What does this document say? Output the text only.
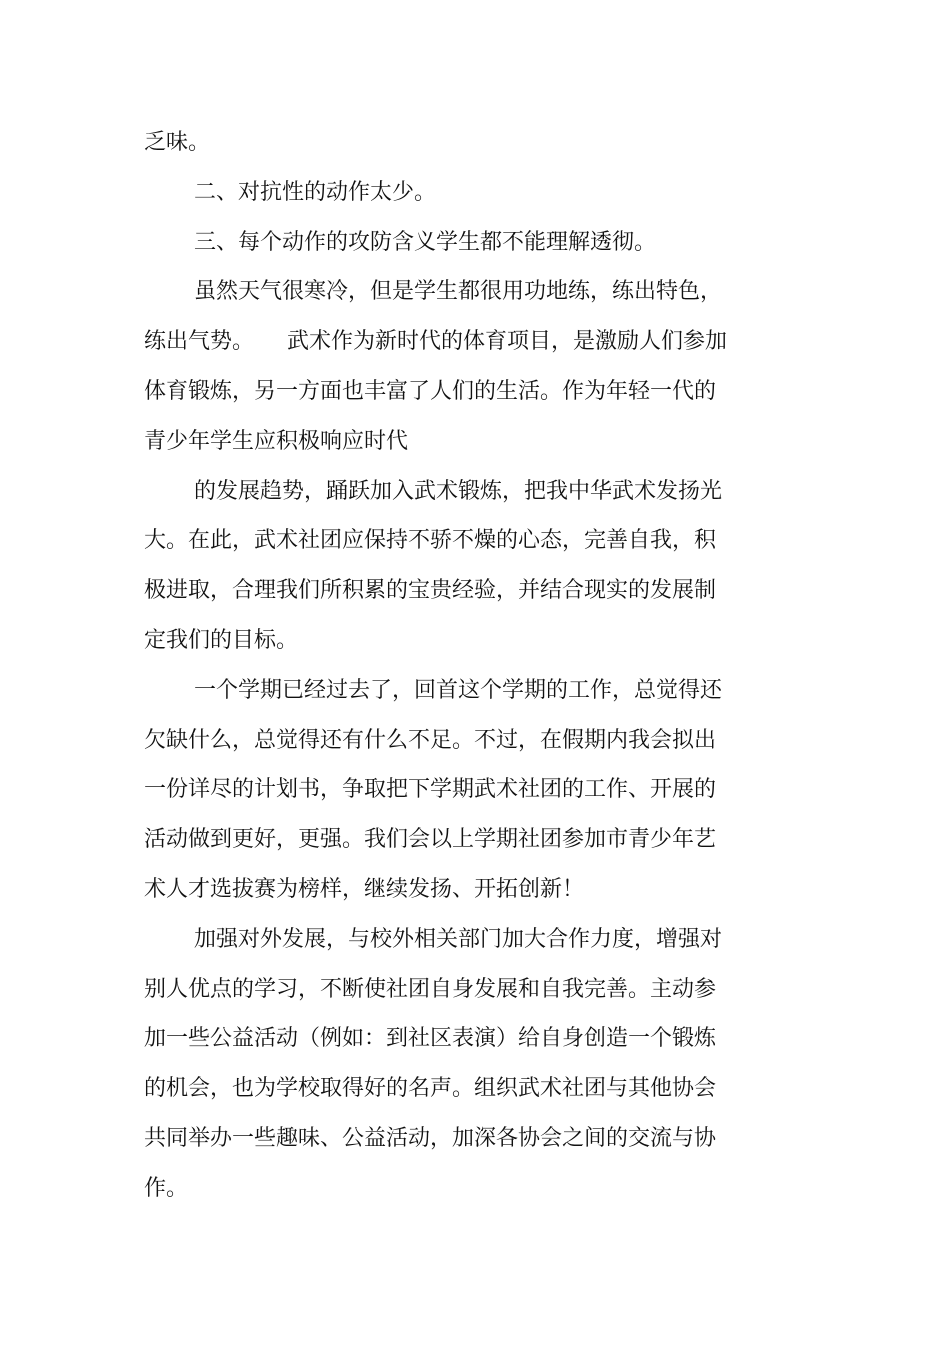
乏味。
二、对抗性的动作太少。
三、每个动作的攻防含义学生都不能理解透彻。
虽然天气很寒冷，但是学生都很用功地练，练出特色，
练出气势。　　武术作为新时代的体育项目，是激励人们参加
体育锻炼，另一方面也丰富了人们的生活。作为年轻一代的
青少年学生应积极响应时代
的发展趋势，踊跃加入武术锻炼，把我中华武术发扬光
大。在此，武术社团应保持不骄不燥的心态，完善自我，积
极进取，合理我们所积累的宝贵经验，并结合现实的发展制
定我们的目标。
一个学期已经过去了，回首这个学期的工作，总觉得还
欠缺什么，总觉得还有什么不足。不过，在假期内我会拟出
一份详尽的计划书，争取把下学期武术社团的工作、开展的
活动做到更好，更强。我们会以上学期社团参加市青少年艺
术人才选拔赛为榜样，继续发扬、开拓创新！
加强对外发展，与校外相关部门加大合作力度，增强对
别人优点的学习，不断使社团自身发展和自我完善。主动参
加一些公益活动（例如：到社区表演）给自身创造一个锻炼
的机会，也为学校取得好的名声。组织武术社团与其他协会
共同举办一些趣味、公益活动，加深各协会之间的交流与协
作。
